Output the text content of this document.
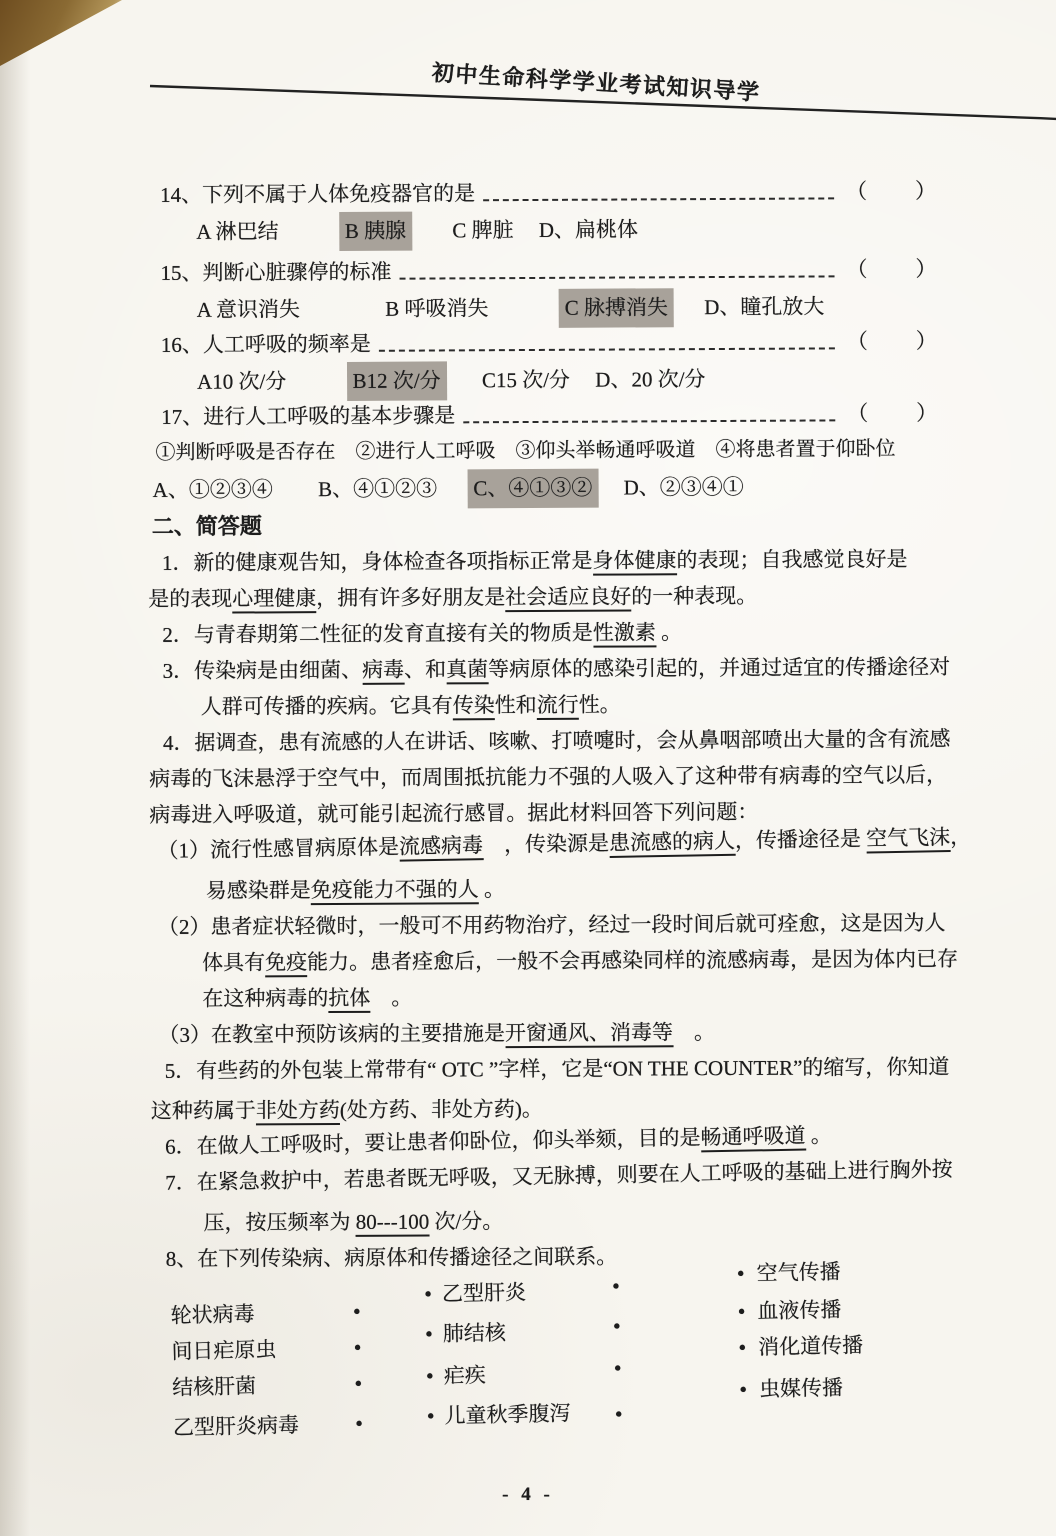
初中生命科学学业考试知识导学
14、下列不属于人体免疫器官的是	（　　）
A 淋巴结	B 胰腺 C 脾脏 D、扁桃体
15、判断心脏骤停的标准	（　　）
A 意识消失	B 呼吸消失	C 脉搏消失 D、瞳孔放大
16、人工呼吸的频率是	（　　）
A10 次/分	B12 次/分 C15 次/分 D、20 次/分
17、进行人工呼吸的基本步骤是	（　　）
①判断呼吸是否存在　②进行人工呼吸　③仰头举畅通呼吸道　④将患者置于仰卧位
A、①②③④ B、④①②③ C、④①③② D、②③④①
二、简答题
1．新的健康观告知，身体检查各项指标正常是身体健康的表现；自我感觉良好是
是的表现心理健康，拥有许多好朋友是社会适应良好的一种表现。
2．与青春期第二性征的发育直接有关的物质是性激素 。
3．传染病是由细菌、病毒、和真菌等病原体的感染引起的，并通过适宜的传播途径对
人群可传播的疾病。它具有传染性和流行性。
4．据调查，患有流感的人在讲话、咳嗽、打喷嚏时，会从鼻咽部喷出大量的含有流感
病毒的飞沫悬浮于空气中，而周围抵抗能力不强的人吸入了这种带有病毒的空气以后，
病毒进入呼吸道，就可能引起流行感冒。据此材料回答下列问题：
（1）流行性感冒病原体是流感病毒　，传染源是患流感的病人，传播途径是 空气飞沫，
易感染群是免疫能力不强的人 。
（2）患者症状轻微时，一般可不用药物治疗，经过一段时间后就可痊愈，这是因为人
体具有免疫能力。患者痊愈后，一般不会再感染同样的流感病毒，是因为体内已存
在这种病毒的抗体　。
（3）在教室中预防该病的主要措施是开窗通风、消毒等　。
5．有些药的外包装上常带有“ OTC ”字样，它是“ON THE COUNTER”的缩写，你知道
这种药属于非处方药(处方药、非处方药)。
6．在做人工呼吸时，要让患者仰卧位，仰头举颏，目的是畅通呼吸道 。
7．在紧急救护中，若患者既无呼吸，又无脉搏，则要在人工呼吸的基础上进行胸外按
压，按压频率为 80---100 次/分。
8、在下列传染病、病原体和传播途径之间联系。
轮状病毒	•
间日疟原虫	•
结核肝菌	•
乙型肝炎病毒	•
• 乙型肝炎
• 肺结核
• 疟疾
• 儿童秋季腹泻
•
•
•
•
• 空气传播
• 血液传播
• 消化道传播
• 虫媒传播
- 4 -
